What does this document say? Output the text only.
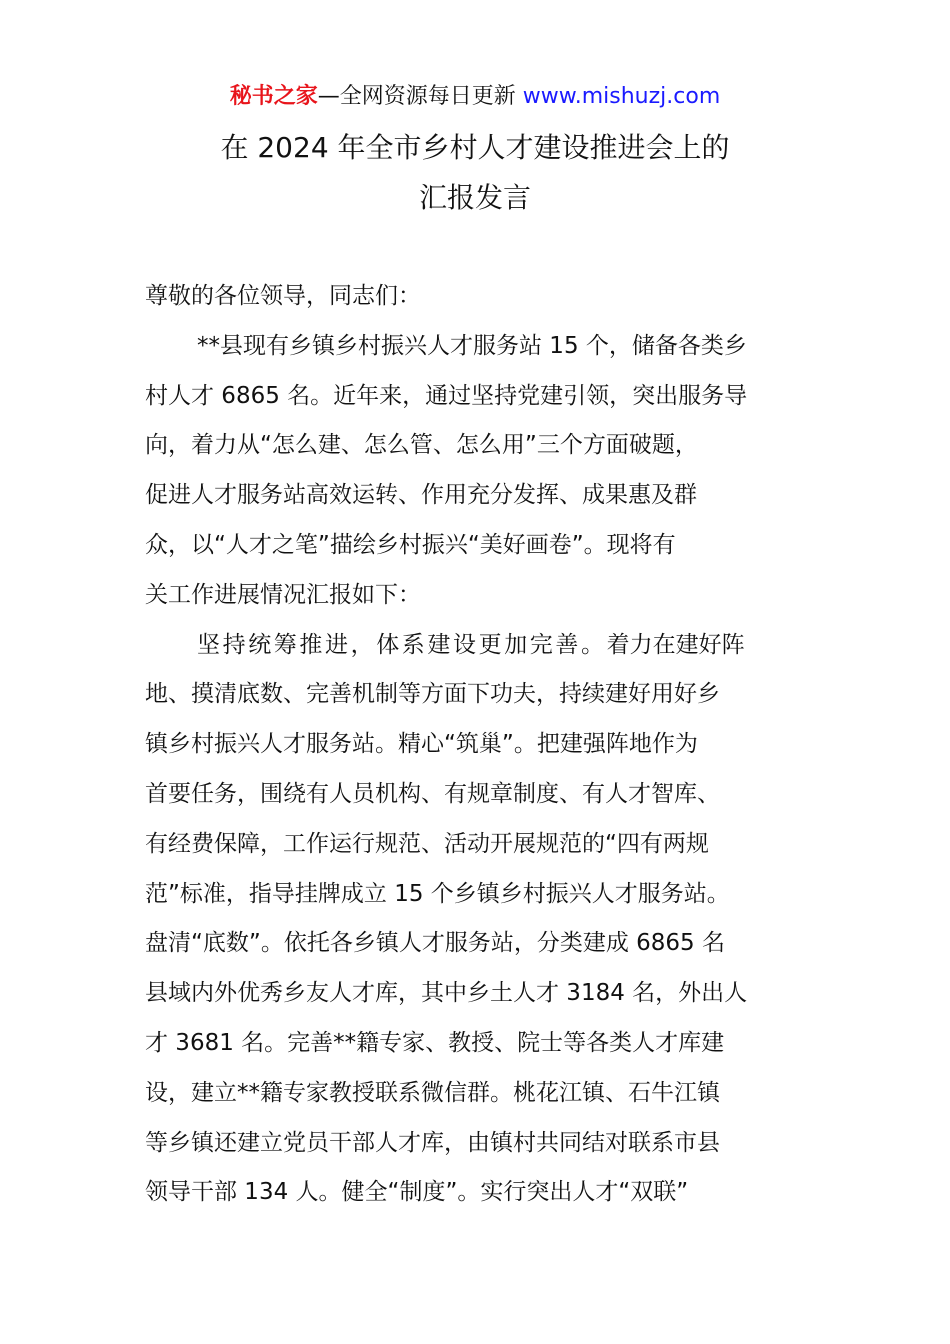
秘书之家—全网资源每日更新 www.mishuzj.com
在 2024 年全市乡村人才建设推进会上的
汇报发言
尊敬的各位领导，同志们：
**县现有乡镇乡村振兴人才服务站 15 个，储备各类乡
村人才 6865 名。近年来，通过坚持党建引领，突出服务导
向，着力从“怎么建、怎么管、怎么用”三个方面破题，
促进人才服务站高效运转、作用充分发挥、成果惠及群
众，以“人才之笔”描绘乡村振兴“美好画卷”。现将有
关工作进展情况汇报如下：
坚持统筹推进，体系建设更加完善。着力在建好阵
地、摸清底数、完善机制等方面下功夫，持续建好用好乡
镇乡村振兴人才服务站。精心“筑巢”。把建强阵地作为
首要任务，围绕有人员机构、有规章制度、有人才智库、
有经费保障，工作运行规范、活动开展规范的“四有两规
范”标准，指导挂牌成立 15 个乡镇乡村振兴人才服务站。
盘清“底数”。依托各乡镇人才服务站，分类建成 6865 名
县域内外优秀乡友人才库，其中乡土人才 3184 名，外出人
才 3681 名。完善**籍专家、教授、院士等各类人才库建
设，建立**籍专家教授联系微信群。桃花江镇、石牛江镇
等乡镇还建立党员干部人才库，由镇村共同结对联系市县
领导干部 134 人。健全“制度”。实行突出人才“双联”
